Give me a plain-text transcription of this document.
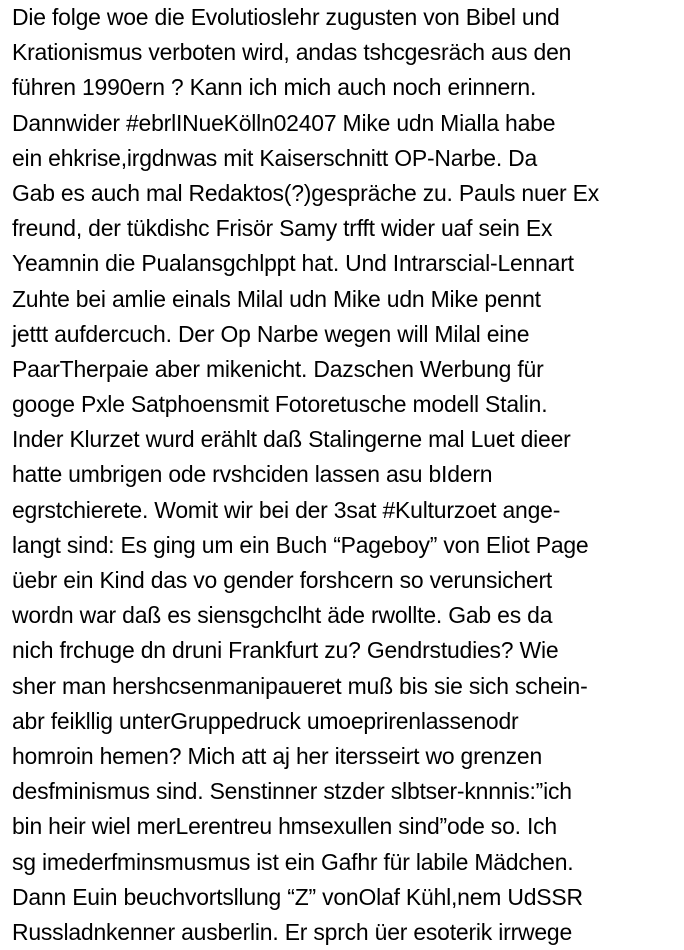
Die folge woe die Evolutioslehr zugusten von Bibel und
Krationismus verboten wird, andas tshcgesräch aus den
führen 1990ern ? Kann ich mich auch noch erinnern.
Dannwider #ebrlINueKölln02407 Mike udn Mialla habe
ein ehkrise,irgdnwas mit Kaiserschnitt OP-Narbe. Da
Gab es auch mal Redaktos(?)gespräche zu. Pauls nuer Ex
freund, der tükdishc Frisör Samy trfft wider uaf sein Ex
Yeamnin die Pualansgchlppt hat. Und Intrarscial-Lennart
Zuhte bei amlie einals Milal udn Mike udn Mike pennt
jettt aufdercuch. Der Op Narbe wegen will Milal eine
PaarTherpaie aber mikenicht. Dazschen Werbung für
googe Pxle Satphoensmit Fotoretusche modell Stalin.
Inder Klurzet wurd erählt daß Stalingerne mal Luet dieer
hatte umbrigen ode rvshciden lassen asu bIdern
egrstchierete. Womit wir bei der 3sat #Kulturzoet ange-
langt sind: Es ging um ein Buch “Pageboy” von Eliot Page
üebr ein Kind das vo gender forshcern so verunsichert
wordn war daß es siensgchclht äde rwollte. Gab es da
nich frchuge dn druni Frankfurt zu? Gendrstudies? Wie
sher man hershcsenmanipaueret muß bis sie sich schein-
abr feikllig unterGruppedruck umoeprirenlassenodr
homroin hemen? Mich att aj her itersseirt wo grenzen
desfminismus sind. Senstinner stzder slbtser-knnnis:”ich
bin heir wiel merLerentreu hmsexullen sind”ode so. Ich
sg imederfminsmusmus ist ein Gafhr für labile Mädchen.
Dann Euin beuchvortsllung “Z” vonOlaf Kühl,nem UdSSR
Russladnkenner ausberlin. Er sprch üer esoterik irrwege
